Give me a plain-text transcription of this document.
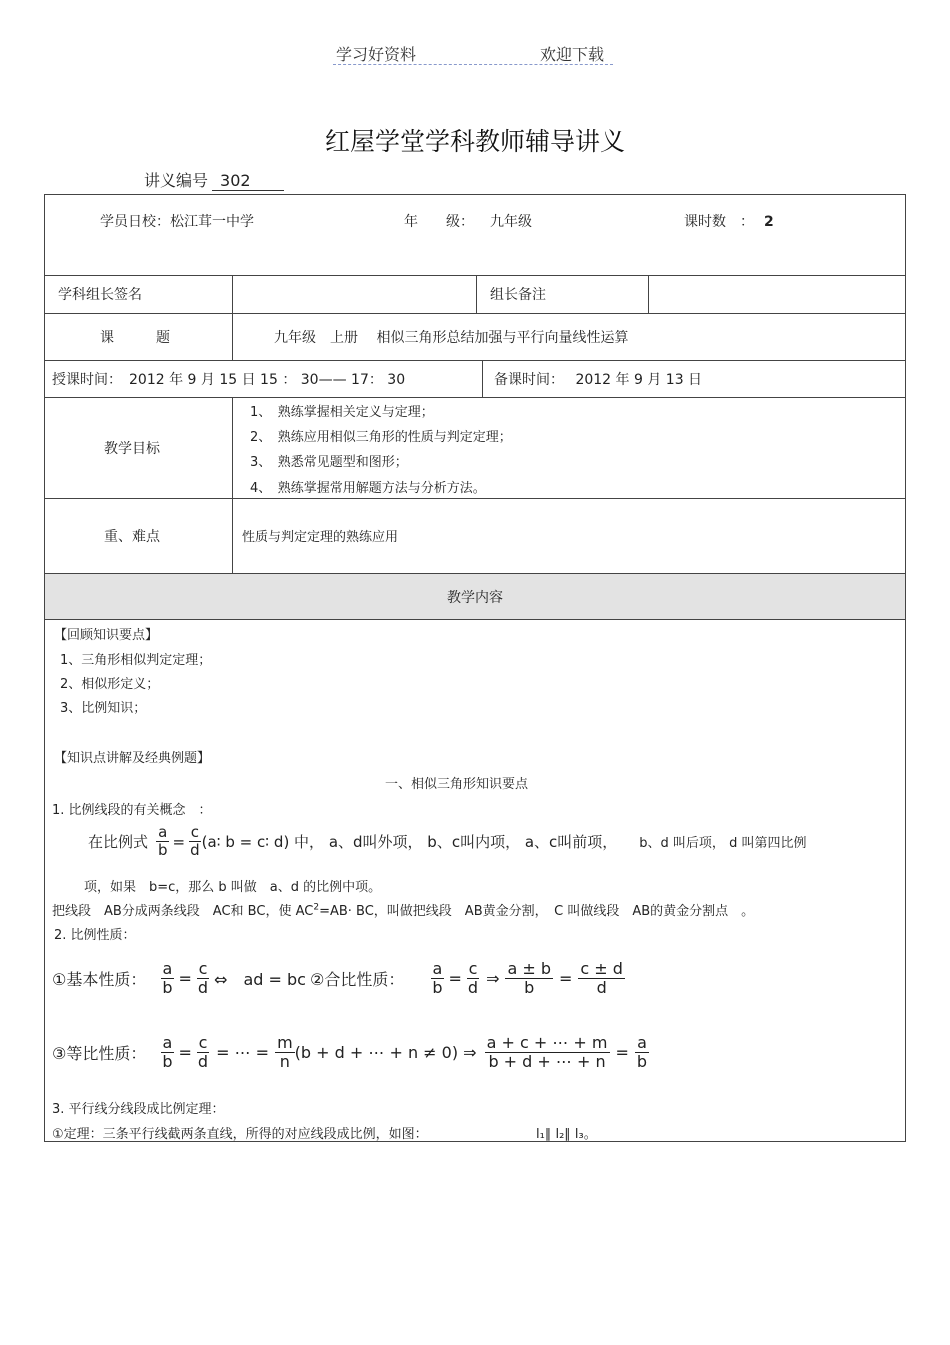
学习好资料	欢迎下载
红屋学堂学科教师辅导讲义
讲义编号 302
学员日校：松江茸一中学	年　　级： 九年级	课时数　： 2
学科组长签名	组长备注
课　　　题	九年级　上册　 相似三角形总结加强与平行向量线性运算
授课时间：　2012 年 9 月 15 日 15 ： 30—— 17： 30	备课时间：　 2012 年 9 月 13 日
教学目标
1、　熟练掌握相关定义与定理；
2、　熟练应用相似三角形的性质与判定定理；
3、　熟悉常见题型和图形；
4、　熟练掌握常用解题方法与分析方法。
重、难点	性质与判定定理的熟练应用
教学内容
【回顾知识要点】
1、三角形相似判定定理；
2、相似形定义；
3、比例知识；
【知识点讲解及经典例题】
一、相似三角形知识要点
1. 比例线段的有关概念　：
在比例式 $\frac{a}{b} = \frac{c}{d}$ (a∶ b = c∶ d) 中， a、d叫外项， b、c叫内项， a、c叫前项， b、d 叫后项， d 叫第四比例
项，如果　b=c，那么 b 叫做　a、d 的比例中项。
把线段　AB分成两条线段　AC和 BC，使 $AC^2=AB\cdot$ BC，叫做把线段　AB黄金分割，　C 叫做线段　AB的黄金分割点　。
2. 比例性质：
①基本性质： $\frac{a}{b} = \frac{c}{d}$ ⇔　ad = bc ②合比性质： $\frac{a}{b} = \frac{c}{d}$ ⇒ $\frac{a \pm b}{b} = \frac{c \pm d}{d}$
③等比性质： $\frac{a}{b} = \frac{c}{d}$ = ⋯ = $\frac{m}{n} (b + d$ + ⋯ + n ≠ 0) ⇒ $\frac{a + c + \cdots + m}{b + d + \cdots + n} = \frac{a}{b}$
3. 平行线分线段成比例定理：
①定理：三条平行线截两条直线，所得的对应线段成比例，如图：	l₁∥ l₂∥ l₃。
